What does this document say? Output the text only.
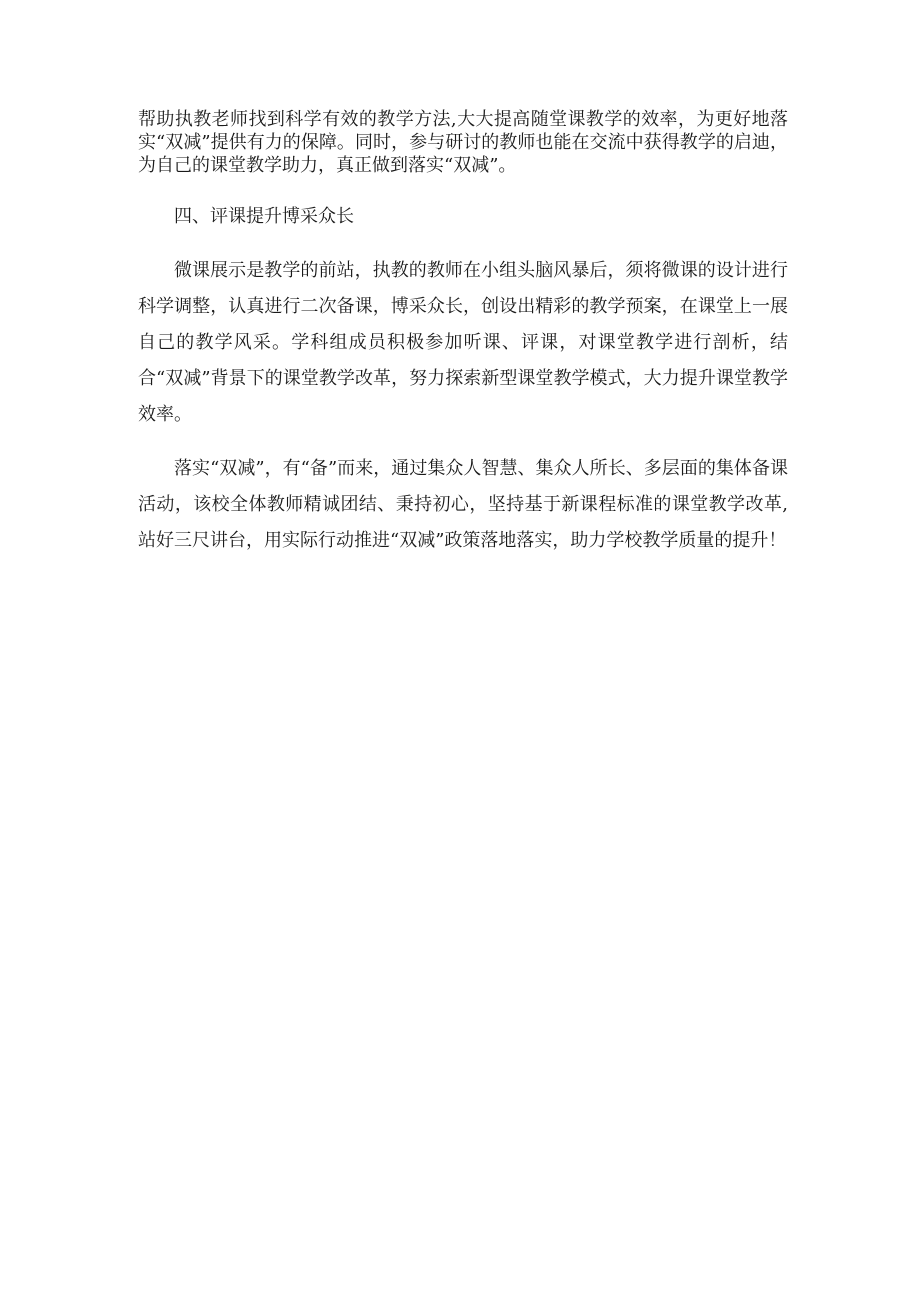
帮助执教老师找到科学有效的教学方法,大大提高随堂课教学的效率，为更好地落实“双减”提供有力的保障。同时，参与研讨的教师也能在交流中获得教学的启迪，为自己的课堂教学助力，真正做到落实“双减”。

四、评课提升博采众长

微课展示是教学的前站，执教的教师在小组头脑风暴后，须将微课的设计进行科学调整，认真进行二次备课，博采众长，创设出精彩的教学预案，在课堂上一展自己的教学风采。学科组成员积极参加听课、评课，对课堂教学进行剖析，结合“双减”背景下的课堂教学改革，努力探索新型课堂教学模式，大力提升课堂教学效率。

落实“双减”，有“备”而来，通过集众人智慧、集众人所长、多层面的集体备课活动，该校全体教师精诚团结、秉持初心，坚持基于新课程标准的课堂教学改革,站好三尺讲台，用实际行动推进“双减”政策落地落实，助力学校教学质量的提升！
